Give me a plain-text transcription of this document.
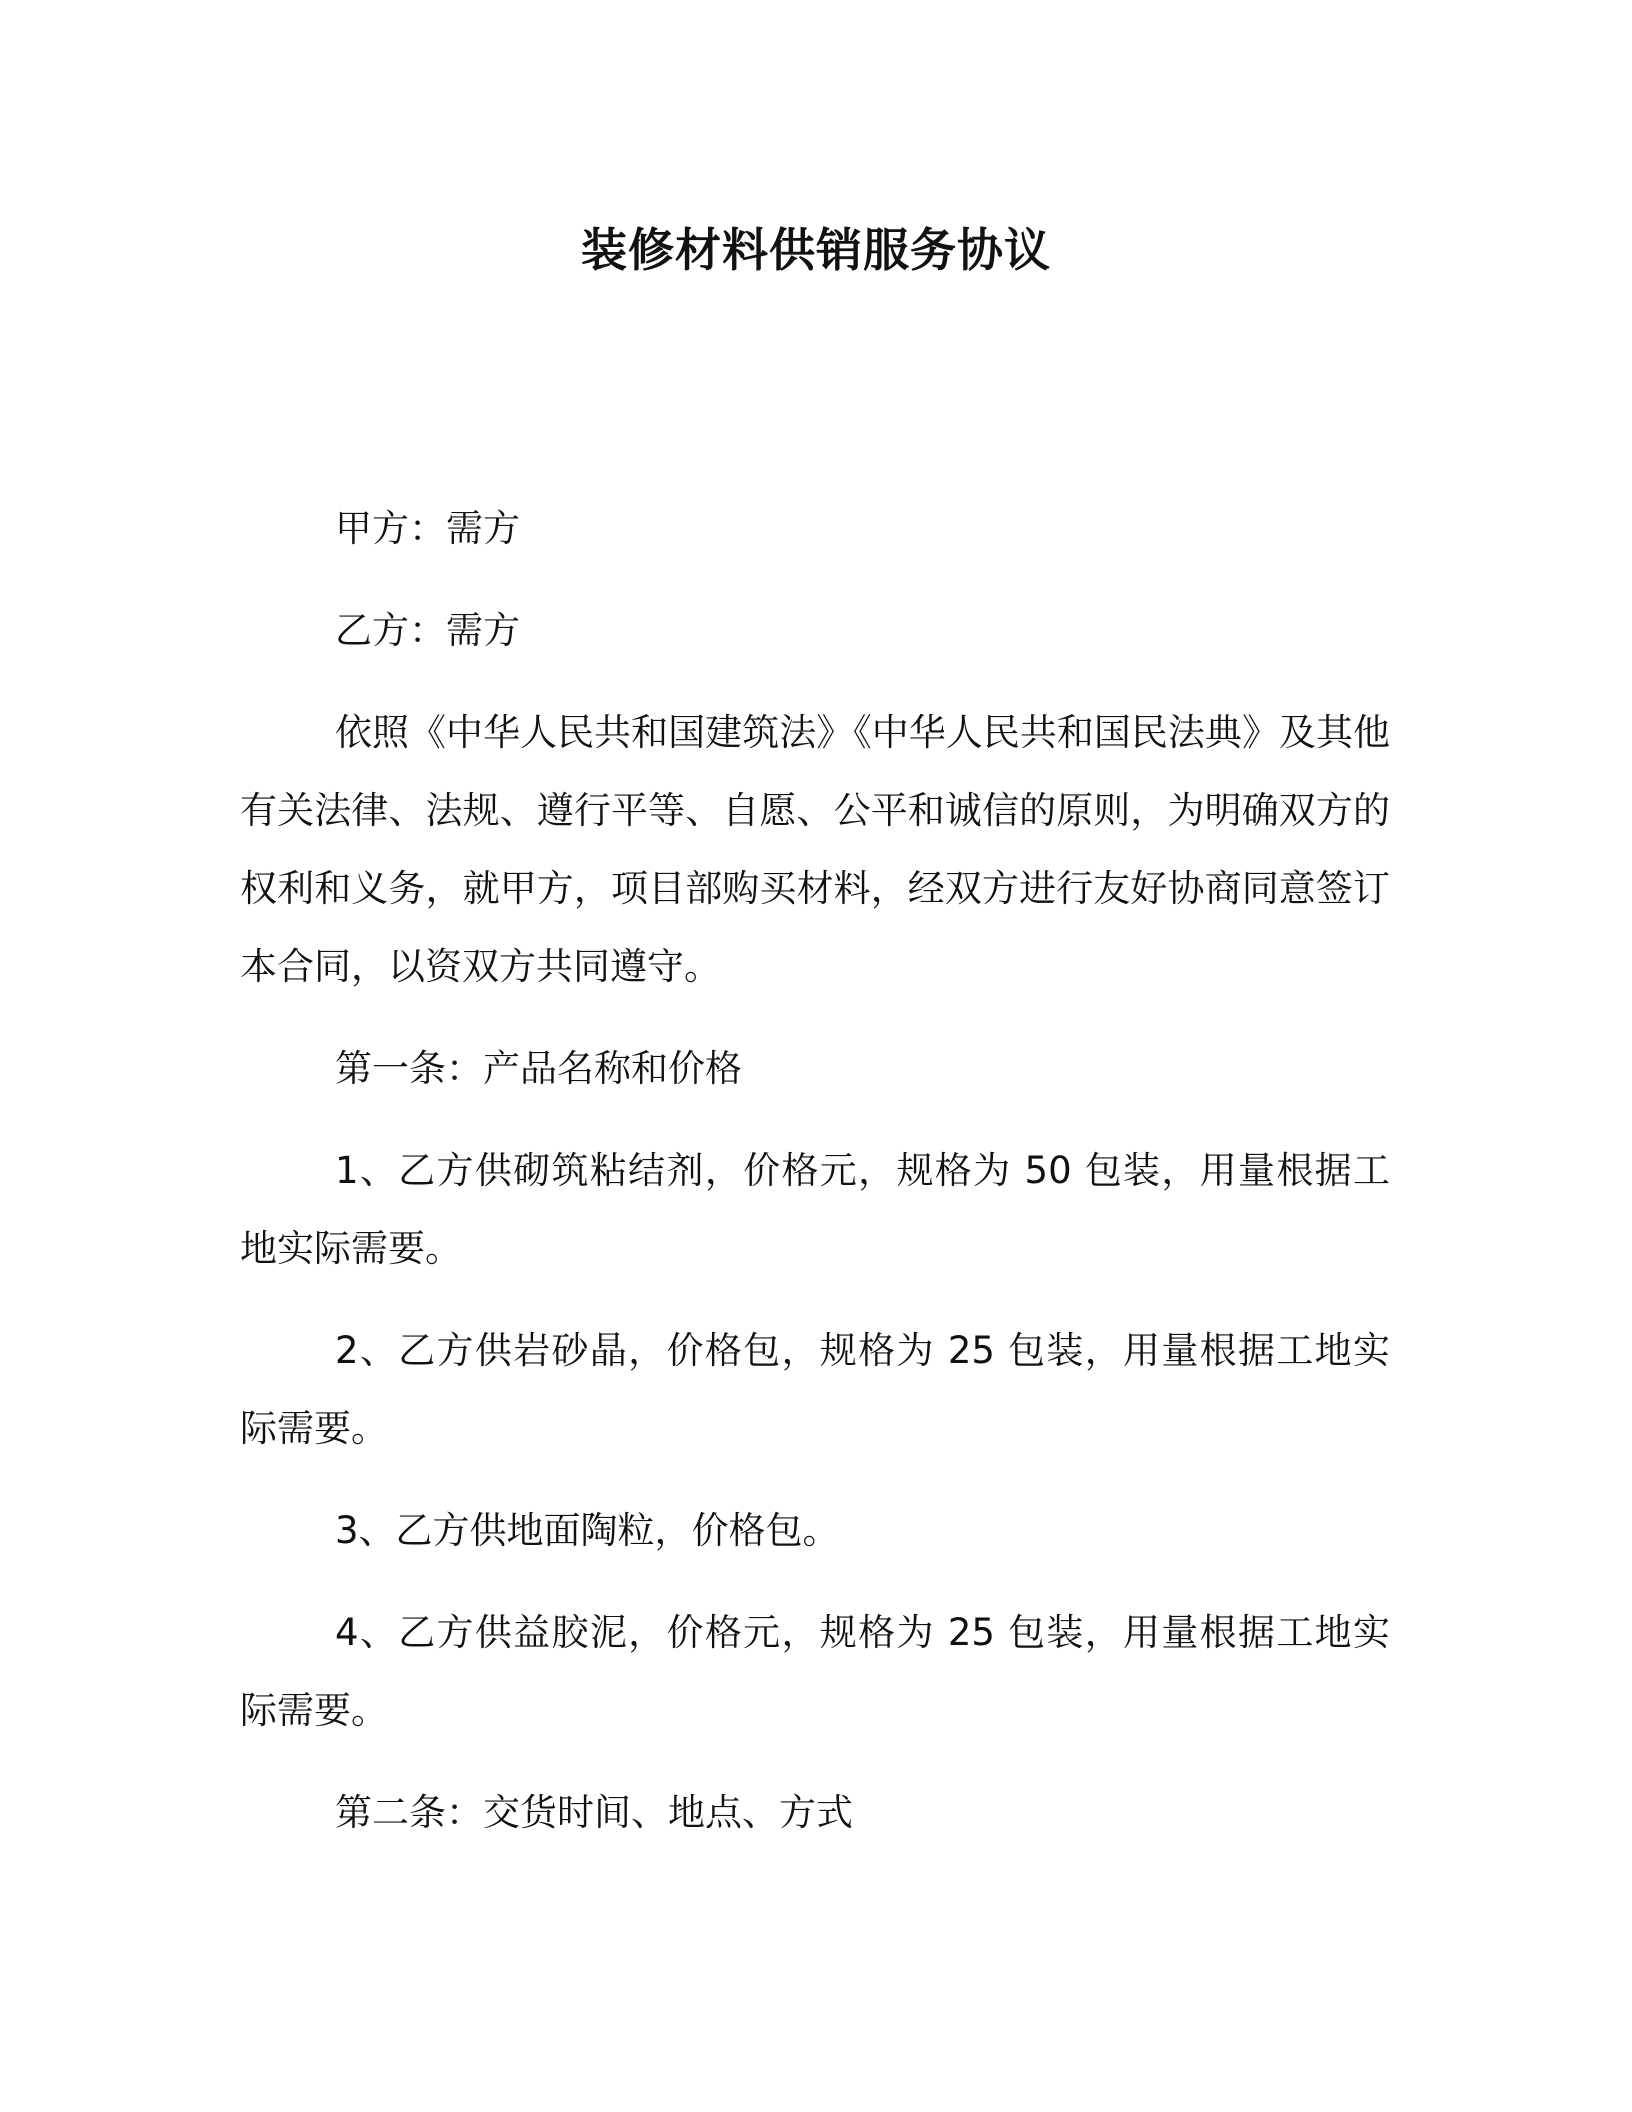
装修材料供销服务协议

甲方：需方

乙方：需方

依照《中华人民共和国建筑法》《中华人民共和国民法典》及其他有关法律、法规、遵行平等、自愿、公平和诚信的原则，为明确双方的权利和义务，就甲方，项目部购买材料，经双方进行友好协商同意签订本合同，以资双方共同遵守。

第一条：产品名称和价格

1、乙方供砌筑粘结剂，价格元，规格为 50 包装，用量根据工地实际需要。

2、乙方供岩砂晶，价格包，规格为 25 包装，用量根据工地实际需要。

3、乙方供地面陶粒，价格包。

4、乙方供益胶泥，价格元，规格为 25 包装，用量根据工地实际需要。

第二条：交货时间、地点、方式
